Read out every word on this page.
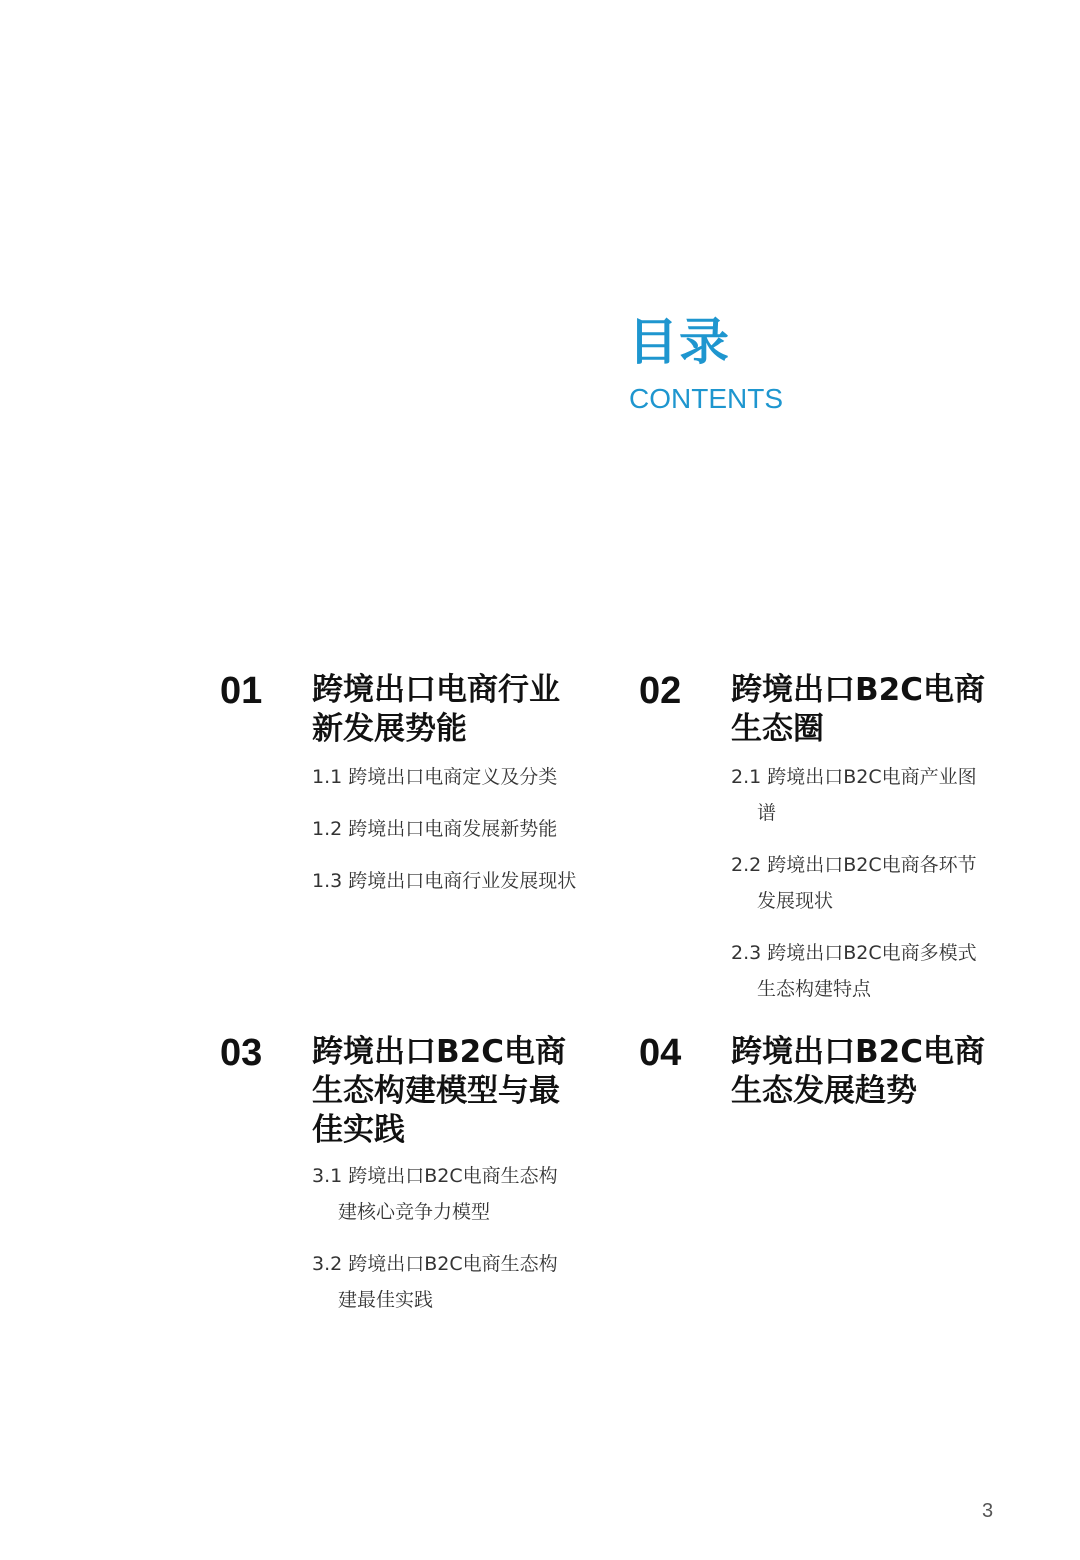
目录
CONTENTS
01 跨境出口电商行业
新发展势能
1.1 跨境出口电商定义及分类
1.2 跨境出口电商发展新势能
1.3 跨境出口电商行业发展现状
02 跨境出口B2C电商
生态圈
2.1 跨境出口B2C电商产业图
谱
2.2 跨境出口B2C电商各环节
发展现状
2.3 跨境出口B2C电商多模式
生态构建特点
03 跨境出口B2C电商
生态构建模型与最
佳实践
3.1 跨境出口B2C电商生态构
建核心竞争力模型
3.2 跨境出口B2C电商生态构
建最佳实践
04 跨境出口B2C电商
生态发展趋势
3
